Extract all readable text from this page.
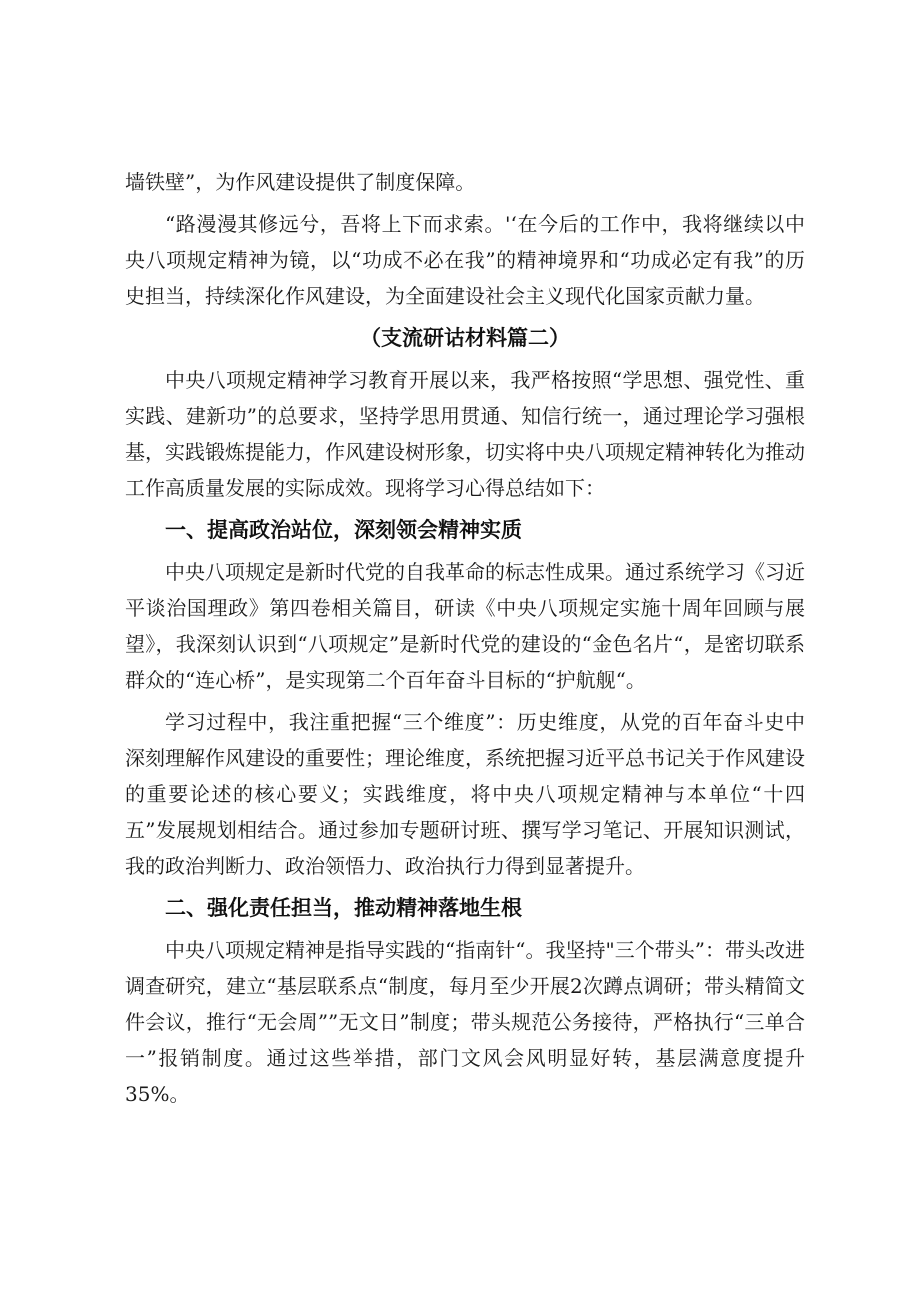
墙铁壁”，为作风建设提供了制度保障。

“路漫漫其修远兮，吾将上下而求索。'‘在今后的工作中，我将继续以中央八项规定精神为镜，以“功成不必在我”的精神境界和“功成必定有我”的历史担当，持续深化作风建设，为全面建设社会主义现代化国家贡献力量。

（支流研诂材料篇二）

中央八项规定精神学习教育开展以来，我严格按照“学思想、强党性、重实践、建新功”的总要求，坚持学思用贯通、知信行统一，通过理论学习强根基，实践锻炼提能力，作风建设树形象，切实将中央八项规定精神转化为推动工作高质量发展的实际成效。现将学习心得总结如下：

一、提高政治站位，深刻领会精神实质

中央八项规定是新时代党的自我革命的标志性成果。通过系统学习《习近平谈治国理政》第四卷相关篇目，研读《中央八项规定实施十周年回顾与展望》，我深刻认识到“八项规定”是新时代党的建设的“金色名片“，是密切联系群众的“连心桥”，是实现第二个百年奋斗目标的“护航舰“。

学习过程中，我注重把握“三个维度”：历史维度，从党的百年奋斗史中深刻理解作风建设的重要性；理论维度，系统把握习近平总书记关于作风建设的重要论述的核心要义；实践维度，将中央八项规定精神与本单位“十四五”发展规划相结合。通过参加专题研讨班、撰写学习笔记、开展知识测试，我的政治判断力、政治领悟力、政治执行力得到显著提升。

二、强化责任担当，推动精神落地生根

中央八项规定精神是指导实践的“指南针“。我坚持"三个带头”：带头改进调查研究，建立“基层联系点“制度，每月至少开展2次蹲点调研；带头精简文件会议，推行“无会周””无文日”制度；带头规范公务接待，严格执行“三单合一”报销制度。通过这些举措，部门文风会风明显好转，基层满意度提升35%。
